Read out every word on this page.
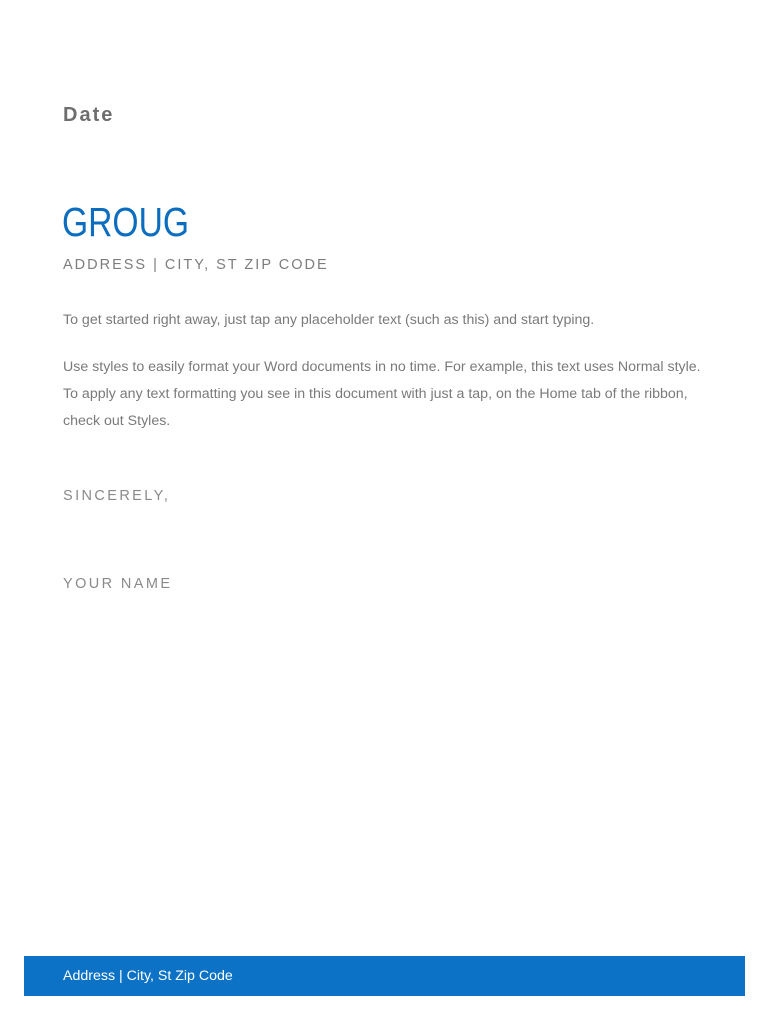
Date
GROUG
ADDRESS | CITY, ST ZIP CODE
To get started right away, just tap any placeholder text (such as this) and start typing.
Use styles to easily format your Word documents in no time. For example, this text uses Normal style. To apply any text formatting you see in this document with just a tap, on the Home tab of the ribbon, check out Styles.
SINCERELY,
YOUR NAME
Address | City, St Zip Code
